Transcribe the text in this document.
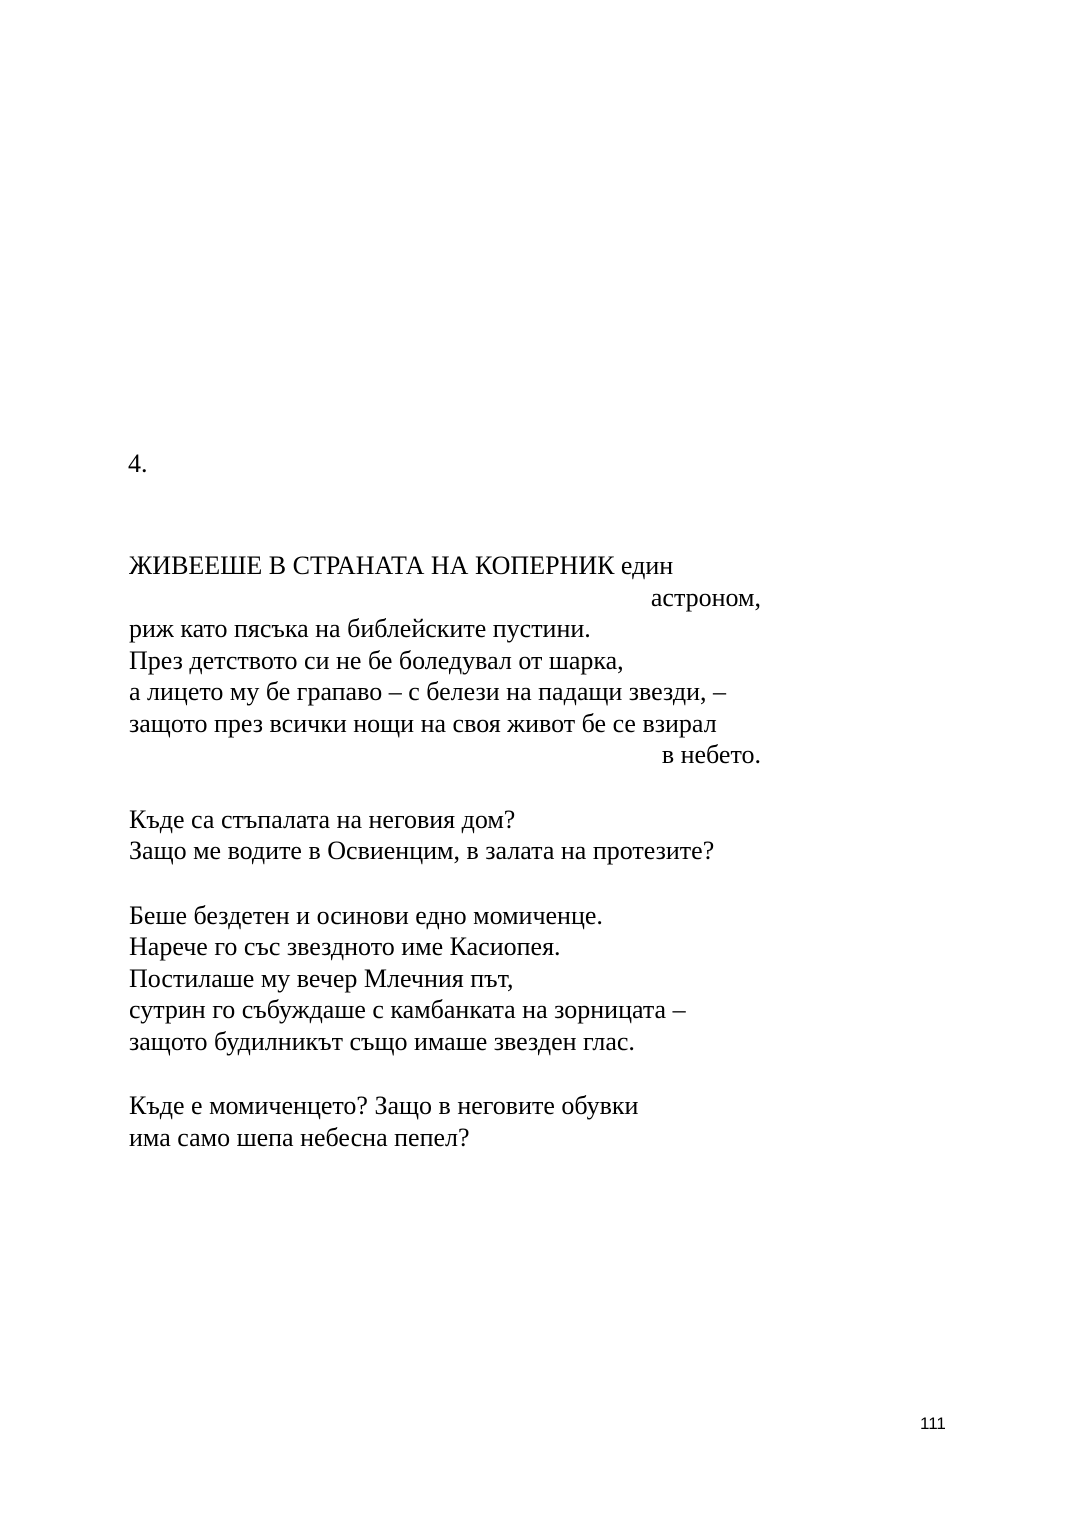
4.
ЖИВЕЕШЕ В СТРАНАТА НА КОПЕРНИК един
астроном,
риж като пясъка на библейските пустини.
През детството си не бе боледувал от шарка,
а лицето му бе грапаво – с белези на падащи звезди, –
защото през всички нощи на своя живот бе се взирал
в небето.
Къде са стъпалата на неговия дом?
Защо ме водите в Освиенцим, в залата на протезите?
Беше бездетен и осинови едно момиченце.
Нарече го със звездното име Касиопея.
Постилаше му вечер Млечния път,
сутрин го събуждаше с камбанката на зорницата –
защото будилникът също имаше звезден глас.
Къде е момиченцето? Защо в неговите обувки
има само шепа небесна пепел?
111
